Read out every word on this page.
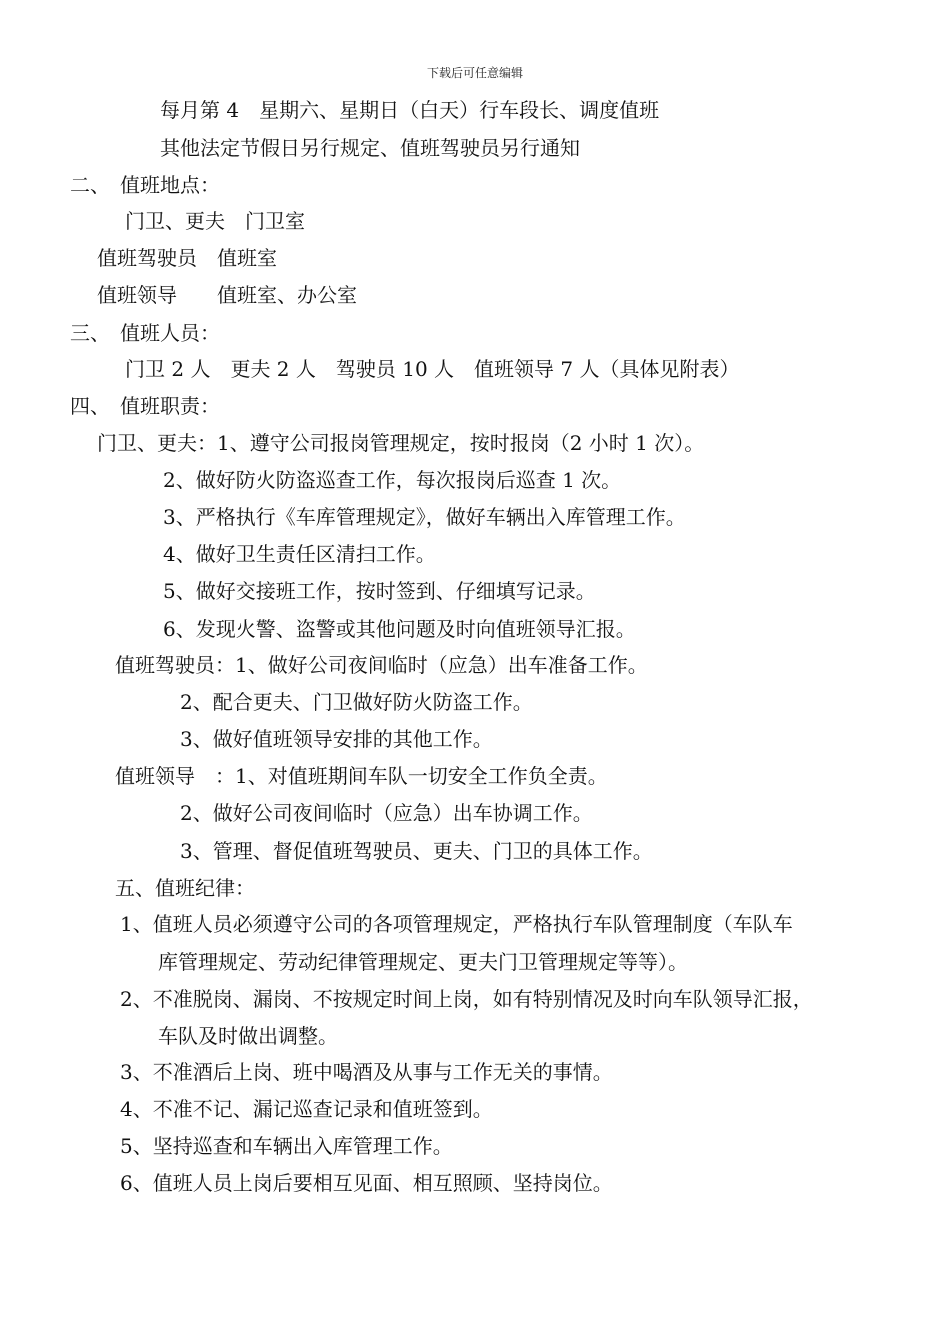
下载后可任意编辑
每月第 4　星期六、星期日（白天）行车段长、调度值班
其他法定节假日另行规定、值班驾驶员另行通知
二、　值班地点：
门卫、更夫　门卫室
值班驾驶员　值班室
值班领导　　值班室、办公室
三、　值班人员：
门卫 2 人　更夫 2 人　驾驶员 10 人　值班领导 7 人（具体见附表）
四、　值班职责：
门卫、更夫：1、遵守公司报岗管理规定，按时报岗（2 小时 1 次）。
2、做好防火防盗巡查工作，每次报岗后巡查 1 次。
3、严格执行《车库管理规定》，做好车辆出入库管理工作。
4、做好卫生责任区清扫工作。
5、做好交接班工作，按时签到、仔细填写记录。
6、发现火警、盗警或其他问题及时向值班领导汇报。
值班驾驶员：1、做好公司夜间临时（应急）出车准备工作。
2、配合更夫、门卫做好防火防盗工作。
3、做好值班领导安排的其他工作。
值班领导　：1、对值班期间车队一切安全工作负全责。
2、做好公司夜间临时（应急）出车协调工作。
3、管理、督促值班驾驶员、更夫、门卫的具体工作。
五、值班纪律：
1、值班人员必须遵守公司的各项管理规定，严格执行车队管理制度（车队车
库管理规定、劳动纪律管理规定、更夫门卫管理规定等等）。
2、不准脱岗、漏岗、不按规定时间上岗，如有特别情况及时向车队领导汇报，
车队及时做出调整。
3、不准酒后上岗、班中喝酒及从事与工作无关的事情。
4、不准不记、漏记巡查记录和值班签到。
5、坚持巡查和车辆出入库管理工作。
6、值班人员上岗后要相互见面、相互照顾、坚持岗位。
